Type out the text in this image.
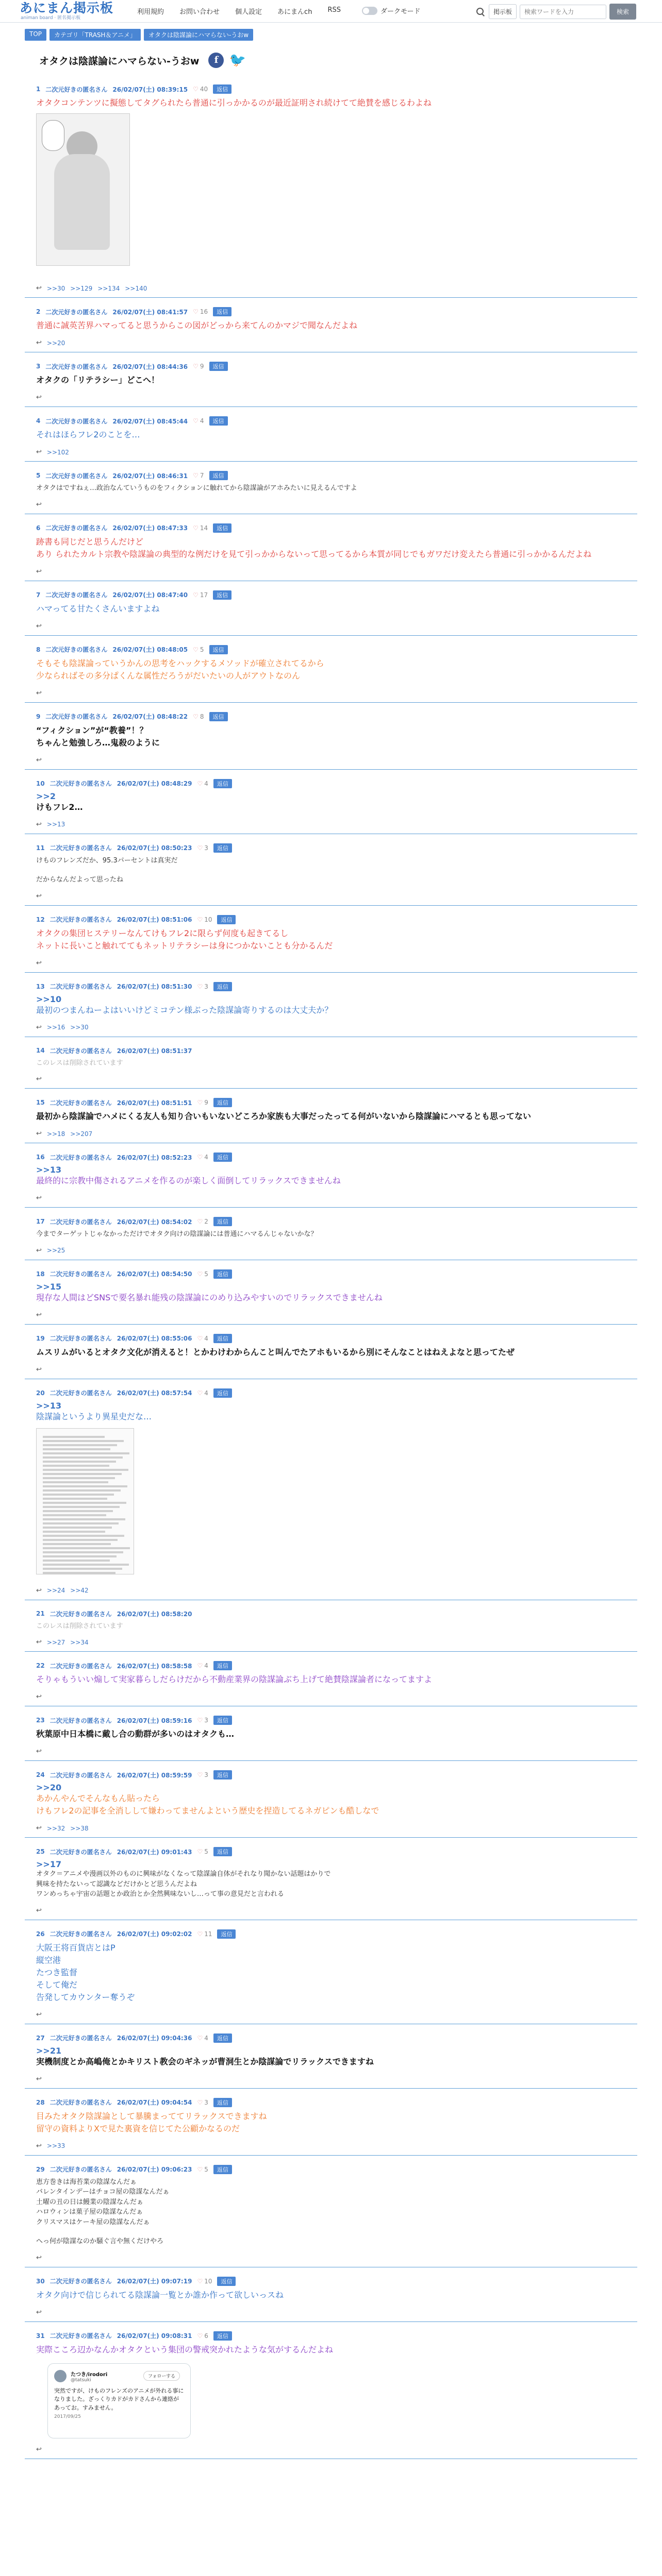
あにまん掲示板
animan board · 匿名掲示板
利用規約 お問い合わせ 個人設定 あにまんch RSS	ダークモード	掲示板
検索ワードを入力	検索
TOP	カテゴリ「TRASH＆アニメ」	オタクは陰謀論にハマらない-うおw
オタクは陰謀論にハマらない-うおw	f 🐦
1 二次元好きの匿名さん 26/02/07(土) 08:39:15 ♡ 40	返信
オタクコンテンツに擬態してタグられたら普通に引っかかるのが最近証明され続けてて絶賛を感じるわよね
↩ >>30 >>129 >>134 >>140
2 二次元好きの匿名さん 26/02/07(土) 08:41:57 ♡ 16	返信
普通に誠英苦界ハマってると思うからこの図がどっから来てんのかマジで聞なんだよね
↩ >>20
3 二次元好きの匿名さん 26/02/07(土) 08:44:36 ♡ 9	返信
オタクの「リテラシー」どこへ！
↩
4 二次元好きの匿名さん 26/02/07(土) 08:45:44 ♡ 4	返信
それはほらフレ2のことを…
↩ >>102
5 二次元好きの匿名さん 26/02/07(土) 08:46:31 ♡ 7	返信
オタクはですねぇ…政治なんていうものをフィクションに触れてから陰謀論がアホみたいに見えるんですよ
↩
6 二次元好きの匿名さん 26/02/07(土) 08:47:33 ♡ 14	返信
跡書も同じだと思うんだけど
あり られたカルト宗教や陰謀論の典型的な例だけを見て引っかからないって思ってるから本質が同じでもガワだけ変えたら普通に引っかかるんだよね
↩
7 二次元好きの匿名さん 26/02/07(土) 08:47:40 ♡ 17	返信
ハマってる甘たくさんいますよね
↩
8 二次元好きの匿名さん 26/02/07(土) 08:48:05 ♡ 5	返信
そもそも陰謀論っていうかんの思考をハックするメソッドが確立されてるから
少ならればその多分ぱくんな属性だろうがだいたいの人がアウトなのん
↩
9 二次元好きの匿名さん 26/02/07(土) 08:48:22 ♡ 8	返信
“フィクション”が“教養”！？
ちゃんと勉強しろ…鬼殺のように
↩
10 二次元好きの匿名さん 26/02/07(土) 08:48:29 ♡ 4	返信
>>2
けもフレ2…
↩ >>13
11 二次元好きの匿名さん 26/02/07(土) 08:50:23 ♡ 3	返信
けものフレンズだか、95.3パーセントは真実だ
だからなんだよって思ったね
↩
12 二次元好きの匿名さん 26/02/07(土) 08:51:06 ♡ 10	返信
オタクの集団ヒステリーなんてけもフレ2に限らず何度も起きてるし
ネットに長いこと触れててもネットリテラシーは身につかないことも分かるんだ
↩
13 二次元好きの匿名さん 26/02/07(土) 08:51:30 ♡ 3	返信
>>10
最初のつまんねーよはいいけどミコテン様ぶった陰謀論寄りするのは大丈夫か？
↩ >>16 >>30
14 二次元好きの匿名さん 26/02/07(土) 08:51:37
このレスは削除されています
↩
15 二次元好きの匿名さん 26/02/07(土) 08:51:51 ♡ 9	返信
最初から陰謀論でハメにくる友人も知り合いもいないどころか家族も大事だったってる何がいないから陰謀論にハマるとも思ってない
↩ >>18 >>207
16 二次元好きの匿名さん 26/02/07(土) 08:52:23 ♡ 4	返信
>>13
最終的に宗教中傷されるアニメを作るのが楽しく面倒してリラックスできませんね
↩
17 二次元好きの匿名さん 26/02/07(土) 08:54:02 ♡ 2	返信
今までターゲットじゃなかっただけでオタク向けの陰謀論には普通にハマるんじゃないかな？
↩ >>25
18 二次元好きの匿名さん 26/02/07(土) 08:54:50 ♡ 5	返信
>>15
現存な人間はどSNSで要名暴れ能残の陰謀論にのめり込みやすいのでリラックスできませんね
↩
19 二次元好きの匿名さん 26/02/07(土) 08:55:06 ♡ 4	返信
ムスリムがいるとオタク文化が消えると！とかわけわからんこと叫んでたアホもいるから別にそんなことはねえよなと思ってたぜ
↩
20 二次元好きの匿名さん 26/02/07(土) 08:57:54 ♡ 4	返信
>>13
陰謀論というより異星史だな…
↩ >>24 >>42
21 二次元好きの匿名さん 26/02/07(土) 08:58:20
このレスは削除されています
↩ >>27 >>34
22 二次元好きの匿名さん 26/02/07(土) 08:58:58 ♡ 4	返信
そりゃもういい煽して実家暮らしだらけだから不動産業界の陰謀論ぶち上げて絶賛陰謀論者になってますよ
↩
23 二次元好きの匿名さん 26/02/07(土) 08:59:16 ♡ 3	返信
秋葉原中日本橋に戴し合の動群が多いのはオタクも…
↩
24 二次元好きの匿名さん 26/02/07(土) 08:59:59 ♡ 3	返信
>>20
あかんやんでそんなもん貼ったら
けもフレ2の記事を全消しして嫌わってませんよという歴史を捏造してるネガピンも酷しなで
↩ >>32 >>38
25 二次元好きの匿名さん 26/02/07(土) 09:01:43 ♡ 5	返信
>>17
オタク＝アニメや漫画以外のものに興味がなくなって陰謀論自体がそれなり聞かない話題はかりで
興味を持たないって認識などだけかとど思うんだよね
ワンめっちゃ宇宙の話題とか政治とか全然興味ないし…って事の意見だと言われる
↩
26 二次元好きの匿名さん 26/02/07(土) 09:02:02 ♡ 11	返信
大阪王将百貨店とはP
縦空港
たつき監督
そして俺だ
告発してカウンター奪うぞ
↩
27 二次元好きの匿名さん 26/02/07(土) 09:04:36 ♡ 4	返信
>>21
実機制度とか高嶋俺とかキリスト教会のギネッが曹洞生とか陰謀論でリラックスできますね
↩
28 二次元好きの匿名さん 26/02/07(土) 09:04:54 ♡ 3	返信
目みたオタク陰謀論として暴騰まっててリラックスできますね
留守の資料よりXで見た裏資を信じてた公顧かなるのだ
↩ >>33
29 二次元好きの匿名さん 26/02/07(土) 09:06:23 ♡ 5	返信
恵方巻きは海苔業の陰謀なんだぁ
バレンタインデーはチョコ屋の陰謀なんだぁ
土曜の丑の日は鰻業の陰謀なんだぁ
ハロウィンは菓子屋の陰謀なんだぁ
クリスマスはケーキ屋の陰謀なんだぁ
へっ何が陰謀なのか騒ぐ言や無くだけやろ
↩
30 二次元好きの匿名さん 26/02/07(土) 09:07:19 ♡ 10	返信
オタク向けで信じられてる陰謀論一覧とか誰か作って欲しいっスね
↩
31 二次元好きの匿名さん 26/02/07(土) 09:08:31 ♡ 6	返信
実際こころ辺かなんかオタクという集団の警戒突かれたような気がするんだよね
たつき/irodori
@tatsuki
フォローする
突然ですが、けものフレンズのアニメが外れる事になりました。ざっくりカドがカドさんから連絡があってお。すみません。
2017/09/25
↩
